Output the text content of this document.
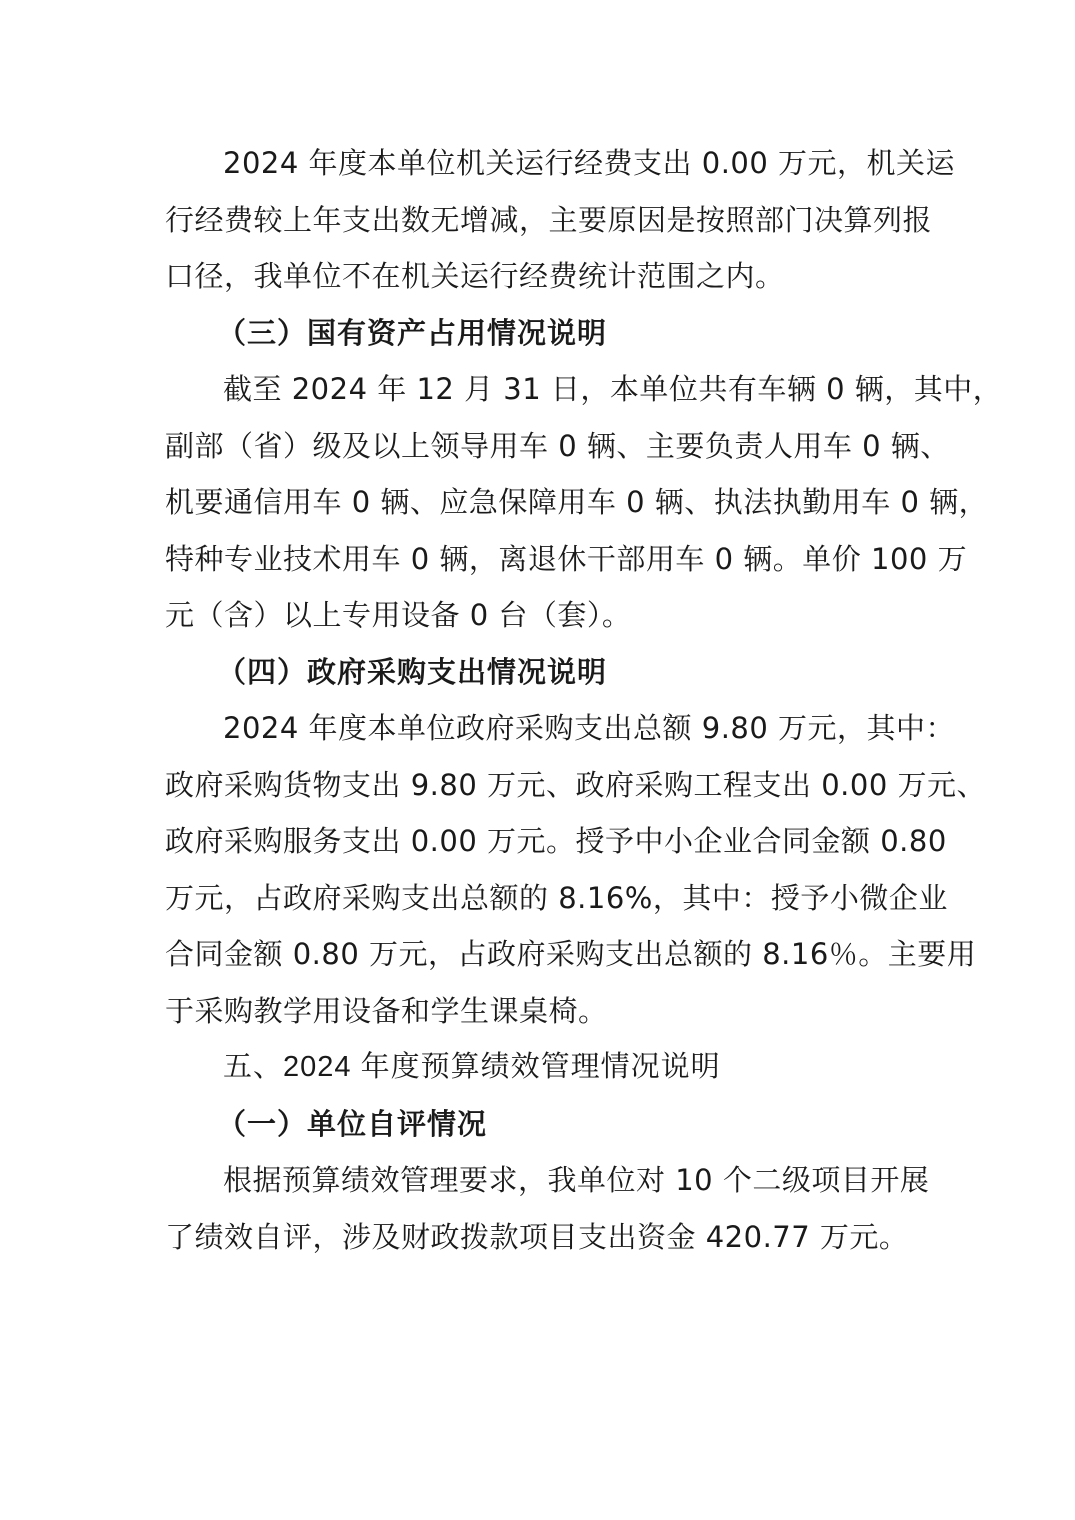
2024 年度本单位机关运行经费支出 0.00 万元，机关运
行经费较上年支出数无增减，主要原因是按照部门决算列报
口径，我单位不在机关运行经费统计范围之内。
（三）国有资产占用情况说明
截至 2024 年 12 月 31 日，本单位共有车辆 0 辆，其中，
副部（省）级及以上领导用车 0 辆、主要负责人用车 0 辆、
机要通信用车 0 辆、应急保障用车 0 辆、执法执勤用车 0 辆，
特种专业技术用车 0 辆，离退休干部用车 0 辆。单价 100 万
元（含）以上专用设备 0 台（套）。
（四）政府采购支出情况说明
2024 年度本单位政府采购支出总额 9.80 万元，其中：
政府采购货物支出 9.80 万元、政府采购工程支出 0.00 万元、
政府采购服务支出 0.00 万元。授予中小企业合同金额 0.80
万元，占政府采购支出总额的 8.16%，其中：授予小微企业
合同金额 0.80 万元，占政府采购支出总额的 8.16％。主要用
于采购教学用设备和学生课桌椅。
五、2024 年度预算绩效管理情况说明
（一）单位自评情况
根据预算绩效管理要求，我单位对 10 个二级项目开展
了绩效自评，涉及财政拨款项目支出资金 420.77 万元。
